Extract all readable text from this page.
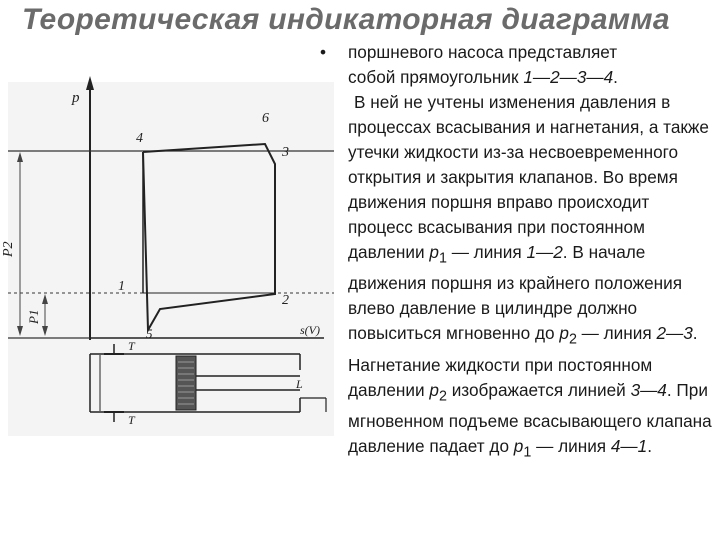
Теоретическая индикаторная диаграмма
p
s(V)
P2
P1
1
2
3
4
5
6
T
T
L

• поршневого насоса представляет

собой прямоугольник 1—2—3—4.

В ней не учтены изменения давления в процессах всасывания и нагнетания, а также утечки жидкости из-за несвоевременного открытия и закрытия клапанов. Во время движения поршня вправо происходит процесс всасывания при постоянном давлении $p_1$ — линия 1—2. В начале движения поршня из крайнего положения влево давление в цилиндре должно повыситься мгновенно до $p_2$ — линия 2—3. Нагнетание жидкости при постоянном давлении $p_2$ изображается линией 3—4. При мгновенном подъеме всасывающего клапана давление падает до $p_1$ — линия 4—1.
